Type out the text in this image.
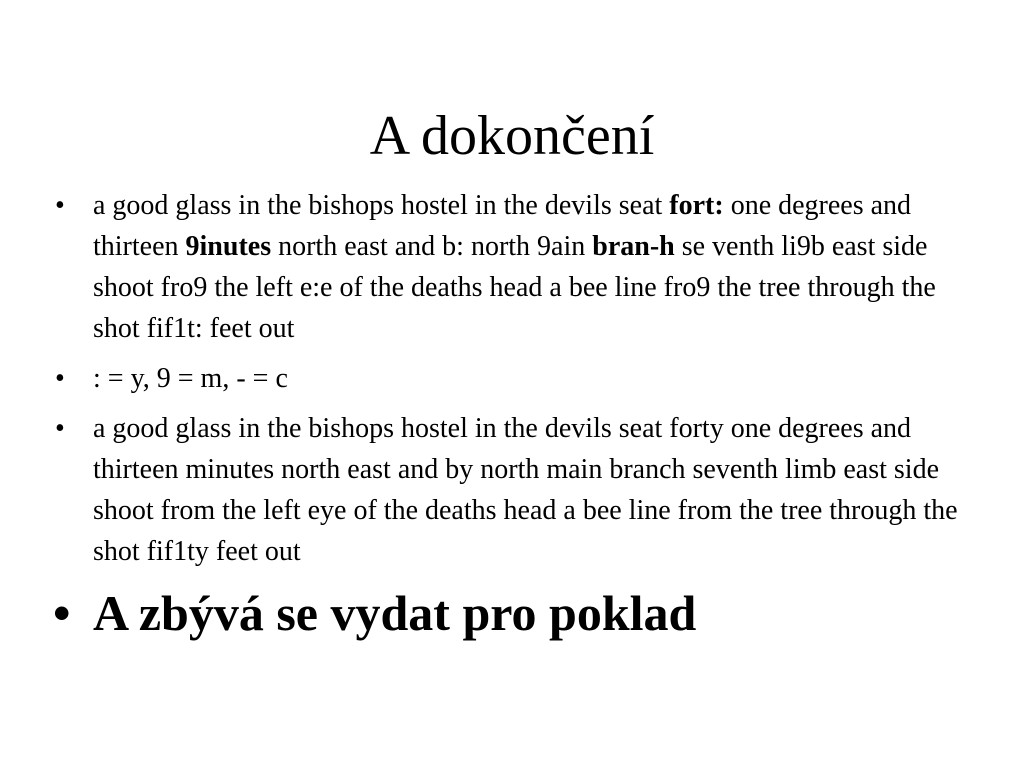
A dokončení
• a good glass in the bishops hostel in the devils seat fort: one degrees and thirteen 9inutes north east and b: north 9ain bran-h se venth li9b east side shoot fro9 the left e:e of the deaths head a bee line fro9 the tree through the shot fif1t: feet out
• : = y, 9 = m, - = c
• a good glass in the bishops hostel in the devils seat forty one degrees and thirteen minutes north east and by north main branch seventh limb east side shoot from the left eye of the deaths head a bee line from the tree through the shot fif1ty feet out
• A zbývá se vydat pro poklad
